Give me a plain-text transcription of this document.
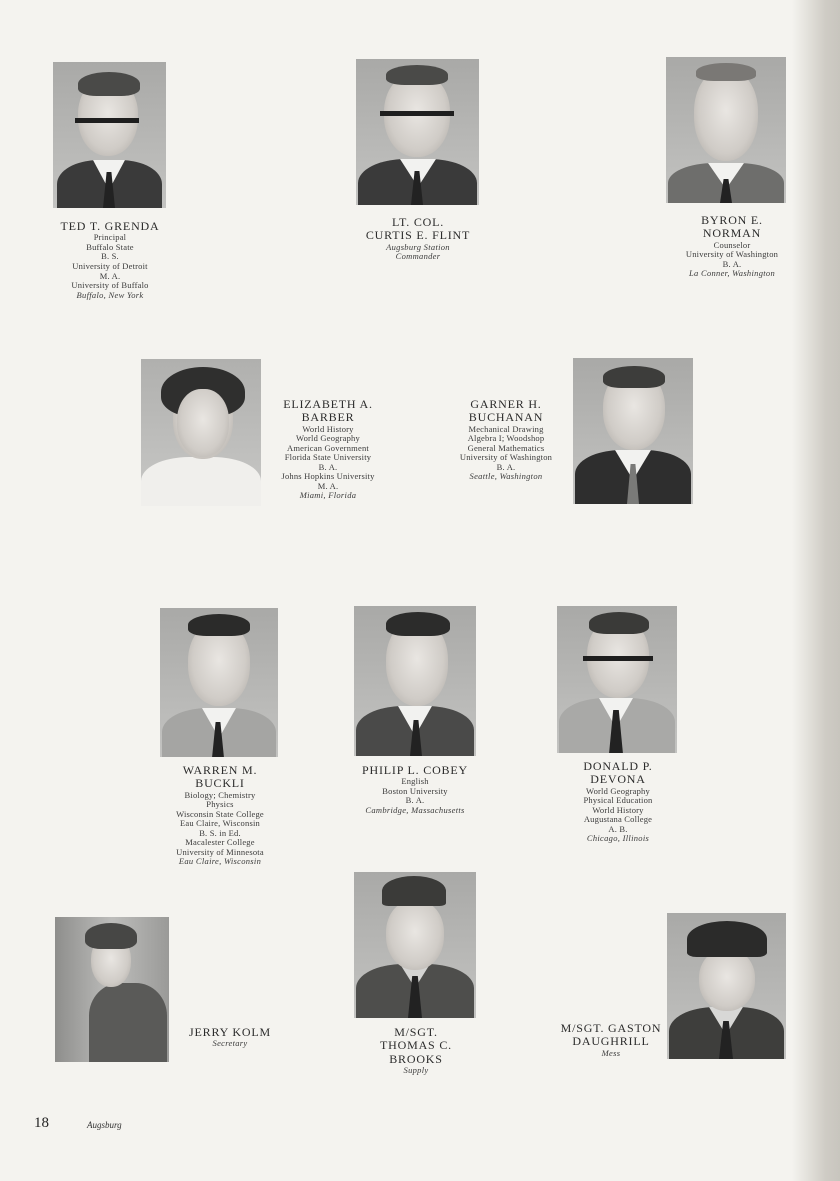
TED T. GRENDA
Principal
Buffalo State
B. S.
University of Detroit
M. A.
University of Buffalo
Buffalo, New York
LT. COL.
CURTIS E. FLINT
Augsburg Station
Commander
BYRON E.
NORMAN
Counselor
University of Washington
B. A.
La Conner, Washington
ELIZABETH A.
BARBER
World History
World Geography
American Government
Florida State University
B. A.
Johns Hopkins University
M. A.
Miami, Florida
GARNER H.
BUCHANAN
Mechanical Drawing
Algebra I; Woodshop
General Mathematics
University of Washington
B. A.
Seattle, Washington
WARREN M.
BUCKLI
Biology; Chemistry
Physics
Wisconsin State College
Eau Claire, Wisconsin
B. S. in Ed.
Macalester College
University of Minnesota
Eau Claire, Wisconsin
PHILIP L. COBEY
English
Boston University
B. A.
Cambridge, Massachusetts
DONALD P.
DEVONA
World Geography
Physical Education
World History
Augustana College
A. B.
Chicago, Illinois
JERRY KOLM
Secretary
M/SGT.
THOMAS C.
BROOKS
Supply
M/SGT. GASTON
DAUGHRILL
Mess
18	Augsburg
